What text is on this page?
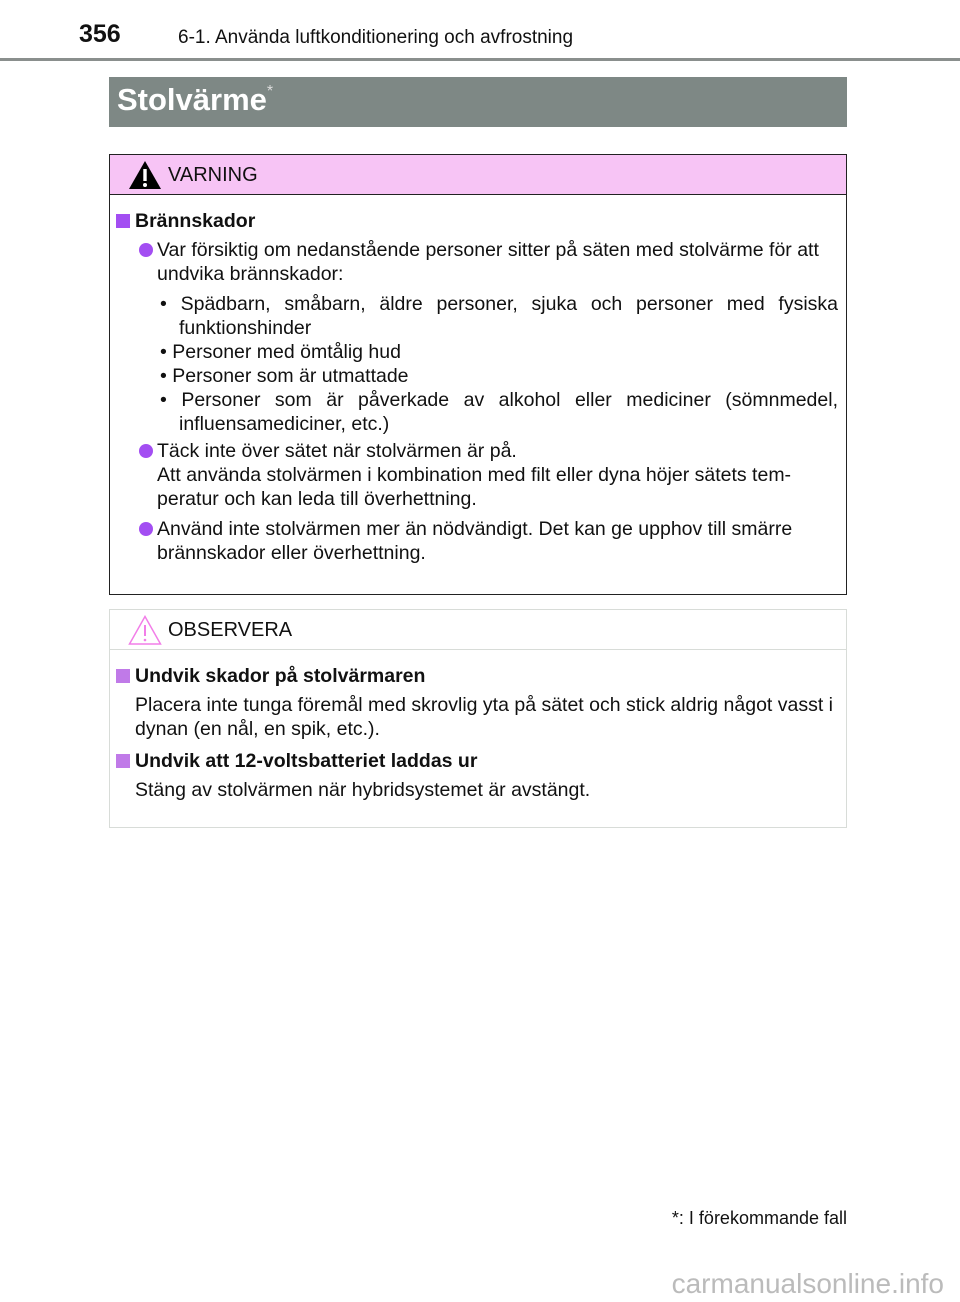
356	6-1. Använda luftkonditionering och avfrostning
Stolvärme*
VARNING
Brännskador
Var försiktig om nedanstående personer sitter på säten med stolvärme för att undvika brännskador:
• Spädbarn, småbarn, äldre personer, sjuka och personer med fysiska funktionshinder
• Personer med ömtålig hud
• Personer som är utmattade
• Personer som är påverkade av alkohol eller mediciner (sömnmedel, influensamediciner, etc.)
Täck inte över sätet när stolvärmen är på.
Att använda stolvärmen i kombination med filt eller dyna höjer sätets tem-peratur och kan leda till överhettning.
Använd inte stolvärmen mer än nödvändigt. Det kan ge upphov till smärre brännskador eller överhettning.
OBSERVERA
Undvik skador på stolvärmaren
Placera inte tunga föremål med skrovlig yta på sätet och stick aldrig något vasst i dynan (en nål, en spik, etc.).
Undvik att 12-voltsbatteriet laddas ur
Stäng av stolvärmen när hybridsystemet är avstängt.
*: I förekommande fall
carmanualsonline.info
